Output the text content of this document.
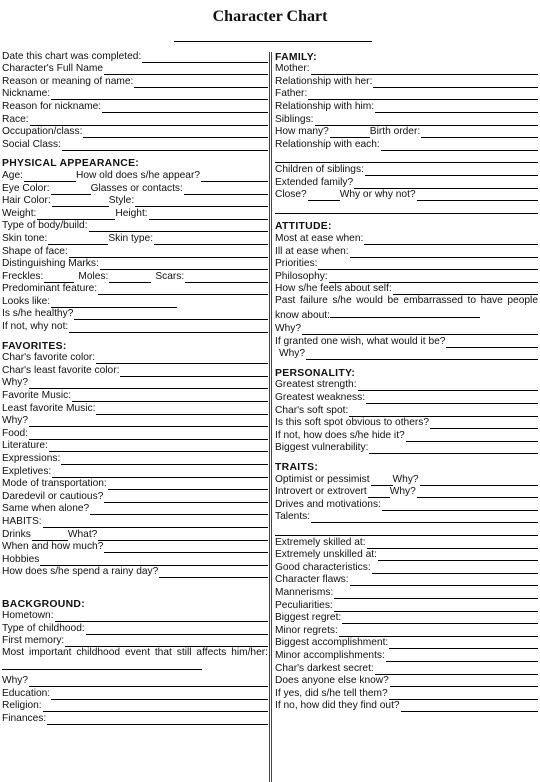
Character Chart
Date this chart was completed:
Character's Full Name
Reason or meaning of name:
Nickname:
Reason for nickname:
Race:
Occupation/class:
Social Class:
PHYSICAL APPEARANCE:
Age:	How old does s/he appear?
Eye Color:	Glasses or contacts:
Hair Color:	Style:
Weight:	Height:
Type of body/build:
Skin tone:	Skin type:
Shape of face:
Distinguishing Marks:
Freckles:	Moles:	Scars:
Predominant feature:
Looks like:
Is s/he healthy?
If not, why not:
FAVORITES:
Char's favorite color:
Char's least favorite color:
Why?
Favorite Music:
Least favorite Music:
Why?
Food:
Literature:
Expressions:
Expletives:
Mode of transportation:
Daredevil or cautious?
Same when alone?
HABITS:
Drinks	What?
When and how much?
Hobbies
How does s/he spend a rainy day?
BACKGROUND:
Hometown:
Type of childhood:
First memory:
Most important childhood event that still affects him/her:
Why?
Education:
Religion:
Finances:
FAMILY:
Mother:
Relationship with her:
Father:
Relationship with him:
Siblings:
How many?	Birth order:
Relationship with each:
Children of siblings:
Extended family?
Close?	Why or why not?
ATTITUDE:
Most at ease when:
Ill at ease when:
Priorities:
Philosophy:
How s/he feels about self:
Past failure s/he would be embarrassed to have people know about:
Why?
If granted one wish, what would it be?
Why?
PERSONALITY:
Greatest strength:
Greatest weakness:
Char's soft spot:
Is this soft spot obvious to others?
If not, how does s/he hide it?
Biggest vulnerability:
TRAITS:
Optimist or pessimist Why?
Introvert or extrovert Why?
Drives and motivations:
Talents:
Extremely skilled at:
Extremely unskilled at:
Good characteristics:
Character flaws:
Mannerisms:
Peculiarities:
Biggest regret:
Minor regrets:
Biggest accomplishment:
Minor accomplishments:
Char's darkest secret:
Does anyone else know?
If yes, did s/he tell them?
If no, how did they find out?
